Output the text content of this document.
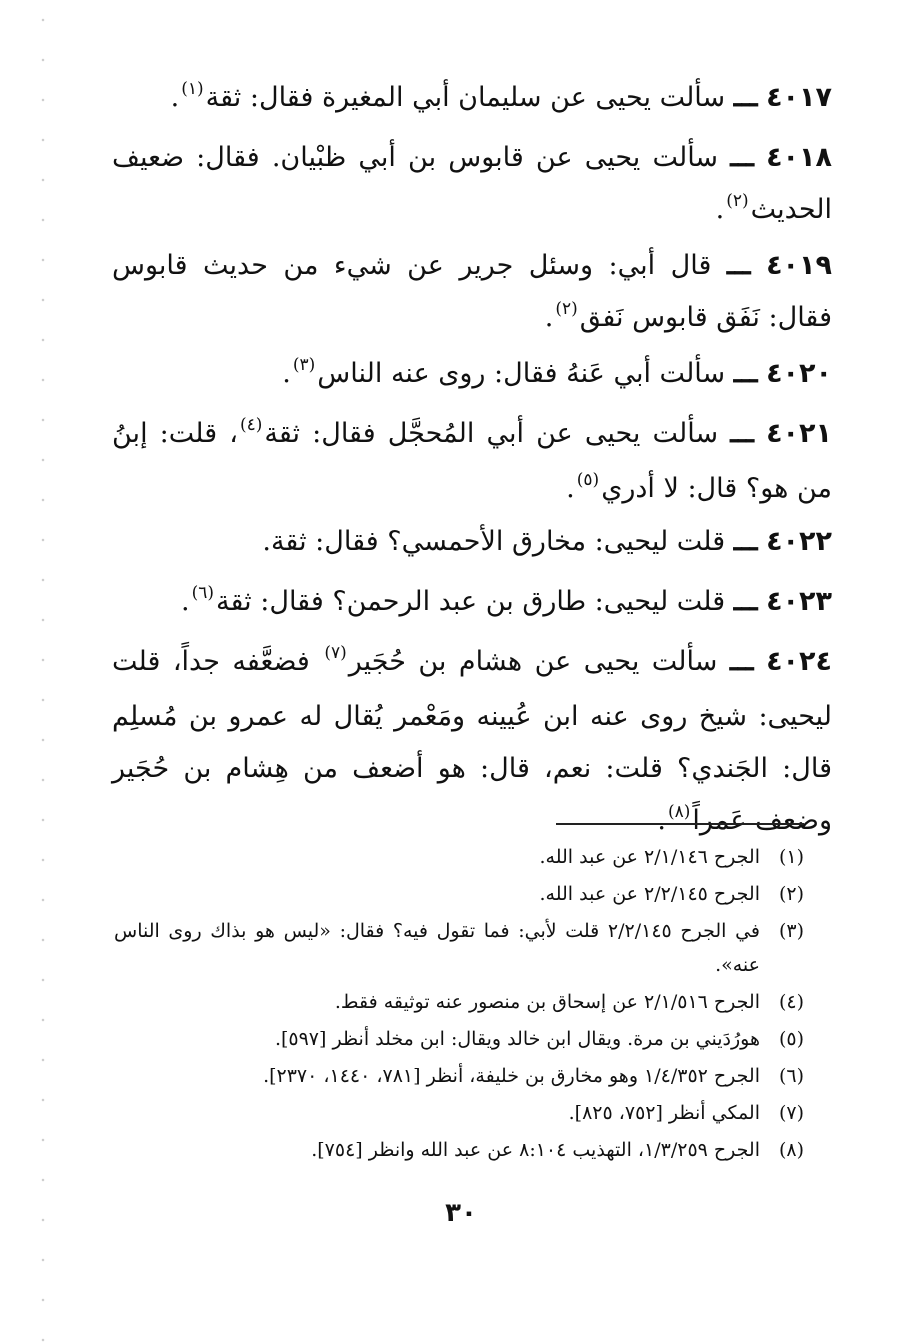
٤٠١٧ ـــ سألت يحيى عن سليمان أبي المغيرة فقال: ثقة$^{(١)}$.
٤٠١٨ ـــ سألت يحيى عن قابوس بن أبي ظبْيان. فقال: ضعيف الحديث$^{(٢)}$.
٤٠١٩ ـــ قال أبي: وسئل جرير عن شيء من حديث قابوس فقال: نَفَق قابوس نَفق$^{(٢)}$.
٤٠٢٠ ـــ سألت أبي عَنهُ فقال: روى عنه الناس$^{(٣)}$.
٤٠٢١ ـــ سألت يحيى عن أبي المُحجَّل فقال: ثقة$^{(٤)}$، قلت: إبنُ من هو؟ قال: لا أدري$^{(٥)}$.
٤٠٢٢ ـــ قلت ليحيى: مخارق الأحمسي؟ فقال: ثقة.
٤٠٢٣ ـــ قلت ليحيى: طارق بن عبد الرحمن؟ فقال: ثقة$^{(٦)}$.
٤٠٢٤ ـــ سألت يحيى عن هشام بن حُجَير$^{(٧)}$ فضعَّفه جداً، قلت ليحيى: شيخ روى عنه ابن عُيينه ومَعْمر يُقال له عمرو بن مُسلِم قال: الجَندي؟ قلت: نعم، قال: هو أضعف من هِشام بن حُجَير وضعف عَمراً$^{(٨)}$.
(١)
الجرح ٢/١/١٤٦ عن عبد الله.
(٢)
الجرح ٢/٢/١٤٥ عن عبد الله.
(٣)
في الجرح ٢/٢/١٤٥ قلت لأبي: فما تقول فيه؟ فقال: «ليس هو بذاك روى الناس عنه».
(٤)
الجرح ٢/١/٥١٦ عن إسحاق بن منصور عنه توثيقه فقط.
(٥)
هورُدَيني بن مرة. ويقال ابن خالد ويقال: ابن مخلد أنظر [٥٩٧].
(٦)
الجرح ١/٤/٣٥٢ وهو مخارق بن خليفة، أنظر [٧٨١، ١٤٤٠، ٢٣٧٠].
(٧)
المكي أنظر [٧٥٢، ٨٢٥].
(٨)
الجرح ١/٣/٢٥٩، التهذيب ٨:١٠٤ عن عبد الله وانظر [٧٥٤].
٣٠
